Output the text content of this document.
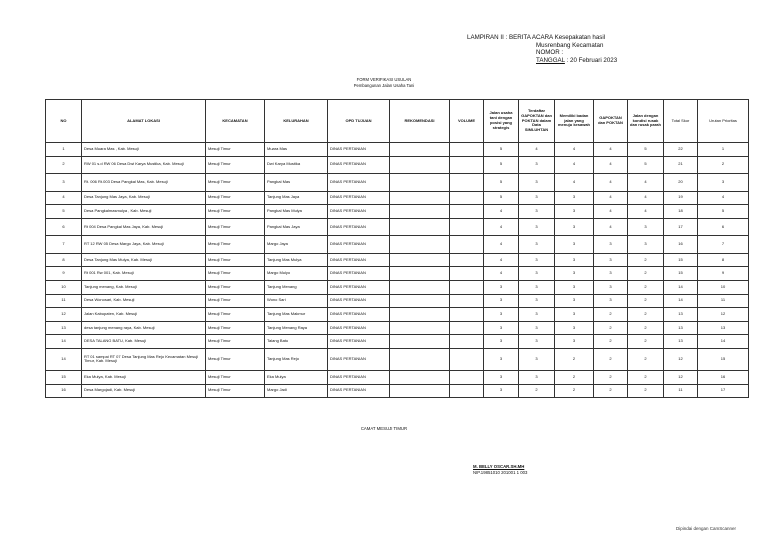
LAMPIRAN II : BERITA ACARA Kesepakatan hasil
Musrenbang Kecamatan
NOMOR :
TANGGAL : 20 Februari 2023
FORM VERIFIKASI USULAN
Pembangunan Jalan Usaha Tani
NO	ALAMAT LOKASI	KECAMATAN	KELURAHAN	OPD TUJUAN	REKOMENDASI	VOLUME	Jalan usaha tani dengan posisi yang strategis	Terdaftar GAPOKTAN dan POKTAN dalam Data SIMLUHTAN	Memiliki badan jalan yang menuju kesawah	GAPOKTAN dan POKTAN	Jalan dengan kondisi rusak dan rusak parah	Total Skor	Urutan Prioritas
1	Desa Muara Mas , Kab. Mesuji	Mesuji Timur	Muara Mas	DINAS PERTANIAN			5	4	4	4	5	22	1
2	RW 01 s.d RW 06 Desa Dwi Karya Mustika, Kab. Mesuji	Mesuji Timur	Dwi Karya Mustika	DINAS PERTANIAN			5	3	4	4	5	21	2
3	Rt. 006 Rt.003 Desa Pangkal Mas, Kab. Mesuji	Mesuji Timur	Pangkal Mas	DINAS PERTANIAN			5	3	4	4	4	20	3
4	Desa Tanjung Mas Jaya, Kab. Mesuji	Mesuji Timur	Tanjung Mas Jaya	DINAS PERTANIAN			5	3	3	4	4	19	4
5	Desa Pangkalmasmulya , Kab. Mesuji	Mesuji Timur	Pangkal Mas Mulya	DINAS PERTANIAN			4	3	3	4	4	18	5
6	Rt 004 Desa Pangkal Mas Jaya, Kab. Mesuji	Mesuji Timur	Pangkal Mas Jaya	DINAS PERTANIAN			4	3	3	4	3	17	6
7	RT 12 RW 05 Desa Margo Jaya, Kab. Mesuji	Mesuji Timur	Margo Jaya	DINAS PERTANIAN			4	3	3	3	3	16	7
8	Desa Tanjung Mas Mulya, Kab. Mesuji	Mesuji Timur	Tanjung Mas Mulya	DINAS PERTANIAN			4	3	3	3	2	15	8
9	Rt 001 Rw 001, Kab. Mesuji	Mesuji Timur	Margo Mulyo	DINAS PERTANIAN			4	3	3	3	2	15	9
10	Tanjung menang, Kab. Mesuji	Mesuji Timur	Tanjung Menang	DINAS PERTANIAN			3	3	3	3	2	14	10
11	Desa Wonosari, Kab. Mesuji	Mesuji Timur	Wono Sari	DINAS PERTANIAN			3	3	3	3	2	14	11
12	Jalan Kabupaten, Kab. Mesuji	Mesuji Timur	Tanjung Mas Makmur	DINAS PERTANIAN			3	3	3	2	2	13	12
13	desa tanjung menang raya, Kab. Mesuji	Mesuji Timur	Tanjung Menang Raya	DINAS PERTANIAN			3	3	3	2	2	13	13
14	DESA TALANG BATU, Kab. Mesuji	Mesuji Timur	Talang Batu	DINAS PERTANIAN			3	3	3	2	2	13	14
14	RT 01 sampai RT 07 Desa Tanjung Mas Rejo Kecamatan Mesuji Timur, Kab. Mesuji	Mesuji Timur	Tanjung Mas Rejo	DINAS PERTANIAN			3	3	2	2	2	12	15
15	Eka Mulya, Kab. Mesuji	Mesuji Timur	Eka Mulya	DINAS PERTANIAN			3	3	2	2	2	12	16
16	Desa Margojadi, Kab. Mesuji	Mesuji Timur	Margo Jadi	DINAS PERTANIAN			3	2	2	2	2	11	17
CAMAT MESUJI TIMUR
M. BELLY OSCAR.SH.MH
NIP.19851010 201001 1 003
Dipindai dengan CamScanner
